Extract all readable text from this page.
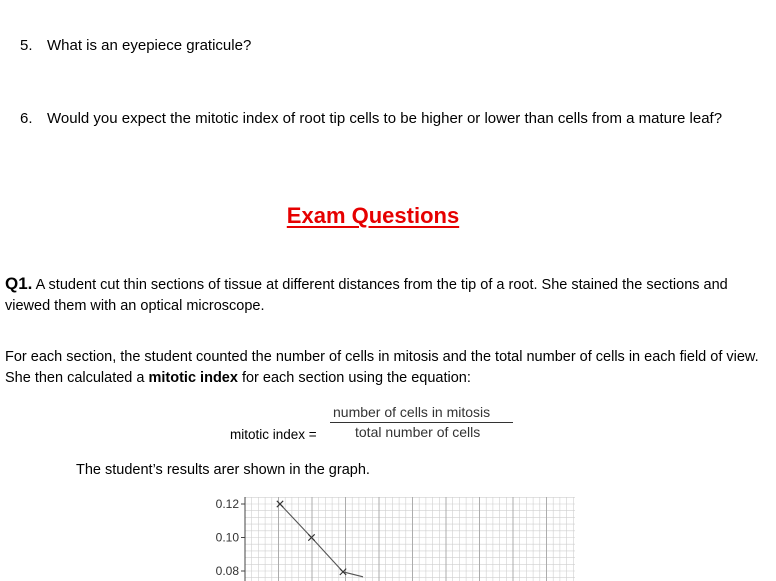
5. What is an eyepiece graticule?
6. Would you expect the mitotic index of root tip cells to be higher or lower than cells from a mature leaf?
Exam Questions
Q1. A student cut thin sections of tissue at different distances from the tip of a root. She stained the sections and viewed them with an optical microscope.
For each section, the student counted the number of cells in mitosis and the total number of cells in each field of view. She then calculated a mitotic index for each section using the equation:
mitotic index =
number of cells in mitosis
total number of cells
The student’s results arer shown in the graph.
0.12
0.10
0.08
